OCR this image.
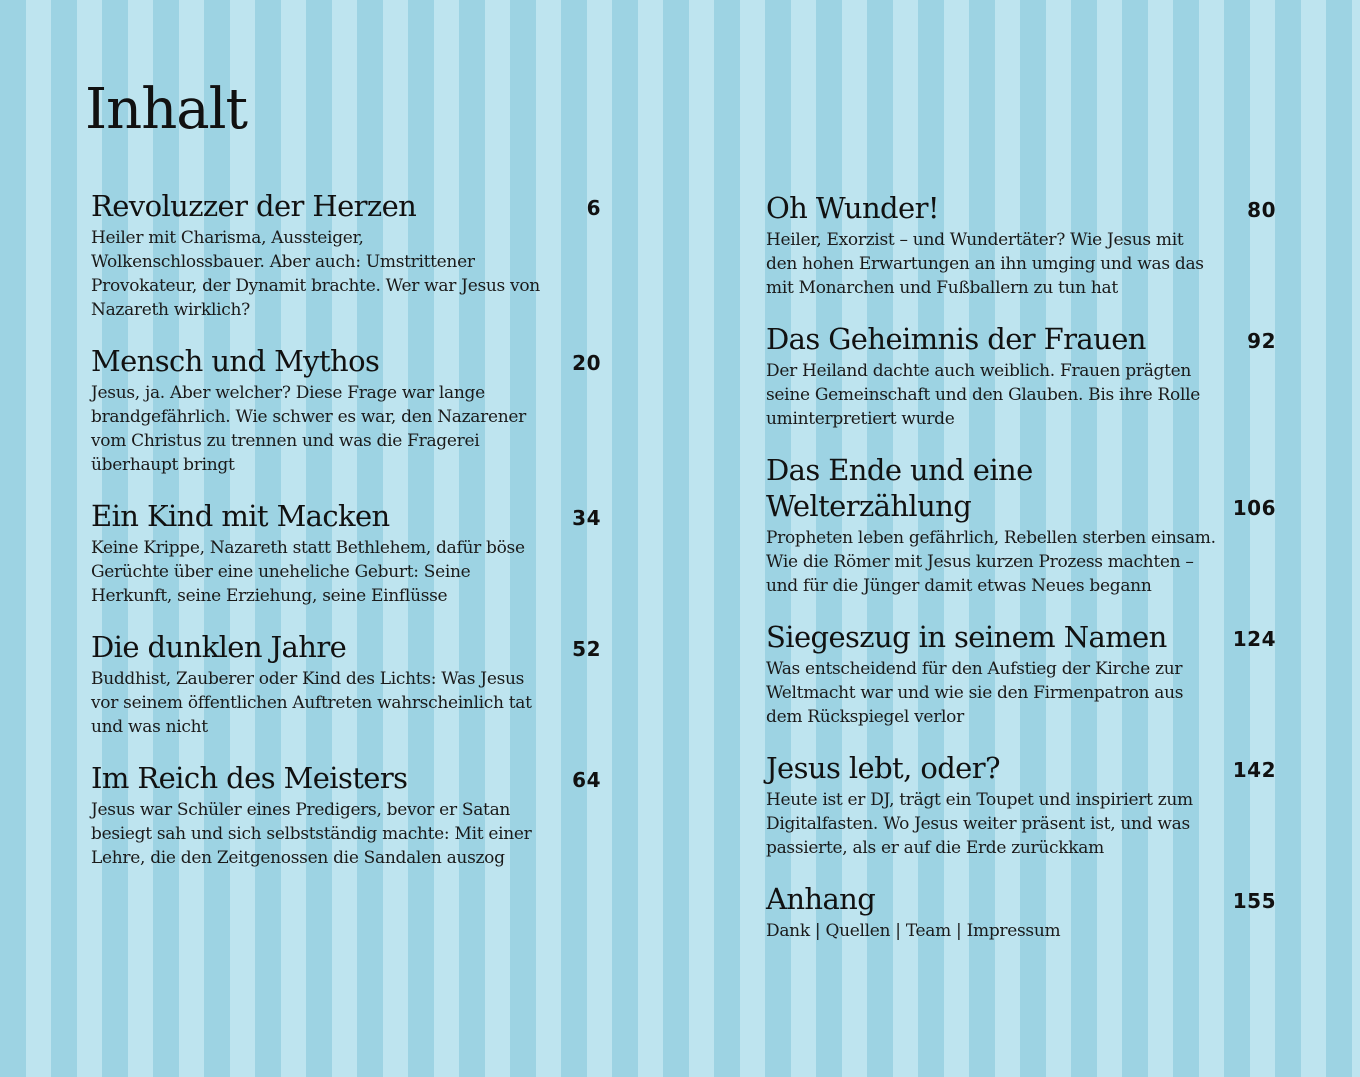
Inhalt
Revoluzzer der Herzen	6

Heiler mit Charisma, Aussteiger, Wolkenschlossbauer. Aber auch: Umstrittener Provokateur, der Dynamit brachte. Wer war Jesus von Nazareth wirklich?

Mensch und Mythos	20

Jesus, ja. Aber welcher? Diese Frage war lange brandgefährlich. Wie schwer es war, den Nazarener vom Christus zu trennen und was die Fragerei überhaupt bringt

Ein Kind mit Macken	34

Keine Krippe, Nazareth statt Bethlehem, dafür böse Gerüchte über eine uneheliche Geburt: Seine Herkunft, seine Erziehung, seine Einflüsse

Die dunklen Jahre	52

Buddhist, Zauberer oder Kind des Lichts: Was Jesus vor seinem öffentlichen Auftreten wahrscheinlich tat und was nicht

Im Reich des Meisters	64

Jesus war Schüler eines Predigers, bevor er Satan besiegt sah und sich selbstständig machte: Mit einer Lehre, die den Zeitgenossen die Sandalen auszog

Oh Wunder!	80

Heiler, Exorzist – und Wundertäter? Wie Jesus mit den hohen Erwartungen an ihn umging und was das mit Monarchen und Fußballern zu tun hat

Das Geheimnis der Frauen	92

Der Heiland dachte auch weiblich. Frauen prägten seine Gemeinschaft und den Glauben. Bis ihre Rolle uminterpretiert wurde

Das Ende und eine Welterzählung	106

Propheten leben gefährlich, Rebellen sterben einsam. Wie die Römer mit Jesus kurzen Prozess machten – und für die Jünger damit etwas Neues begann

Siegeszug in seinem Namen	124

Was entscheidend für den Aufstieg der Kirche zur Weltmacht war und wie sie den Firmenpatron aus dem Rückspiegel verlor

Jesus lebt, oder?	142

Heute ist er DJ, trägt ein Toupet und inspiriert zum Digitalfasten. Wo Jesus weiter präsent ist, und was passierte, als er auf die Erde zurückkam

Anhang	155

Dank | Quellen | Team | Impressum
